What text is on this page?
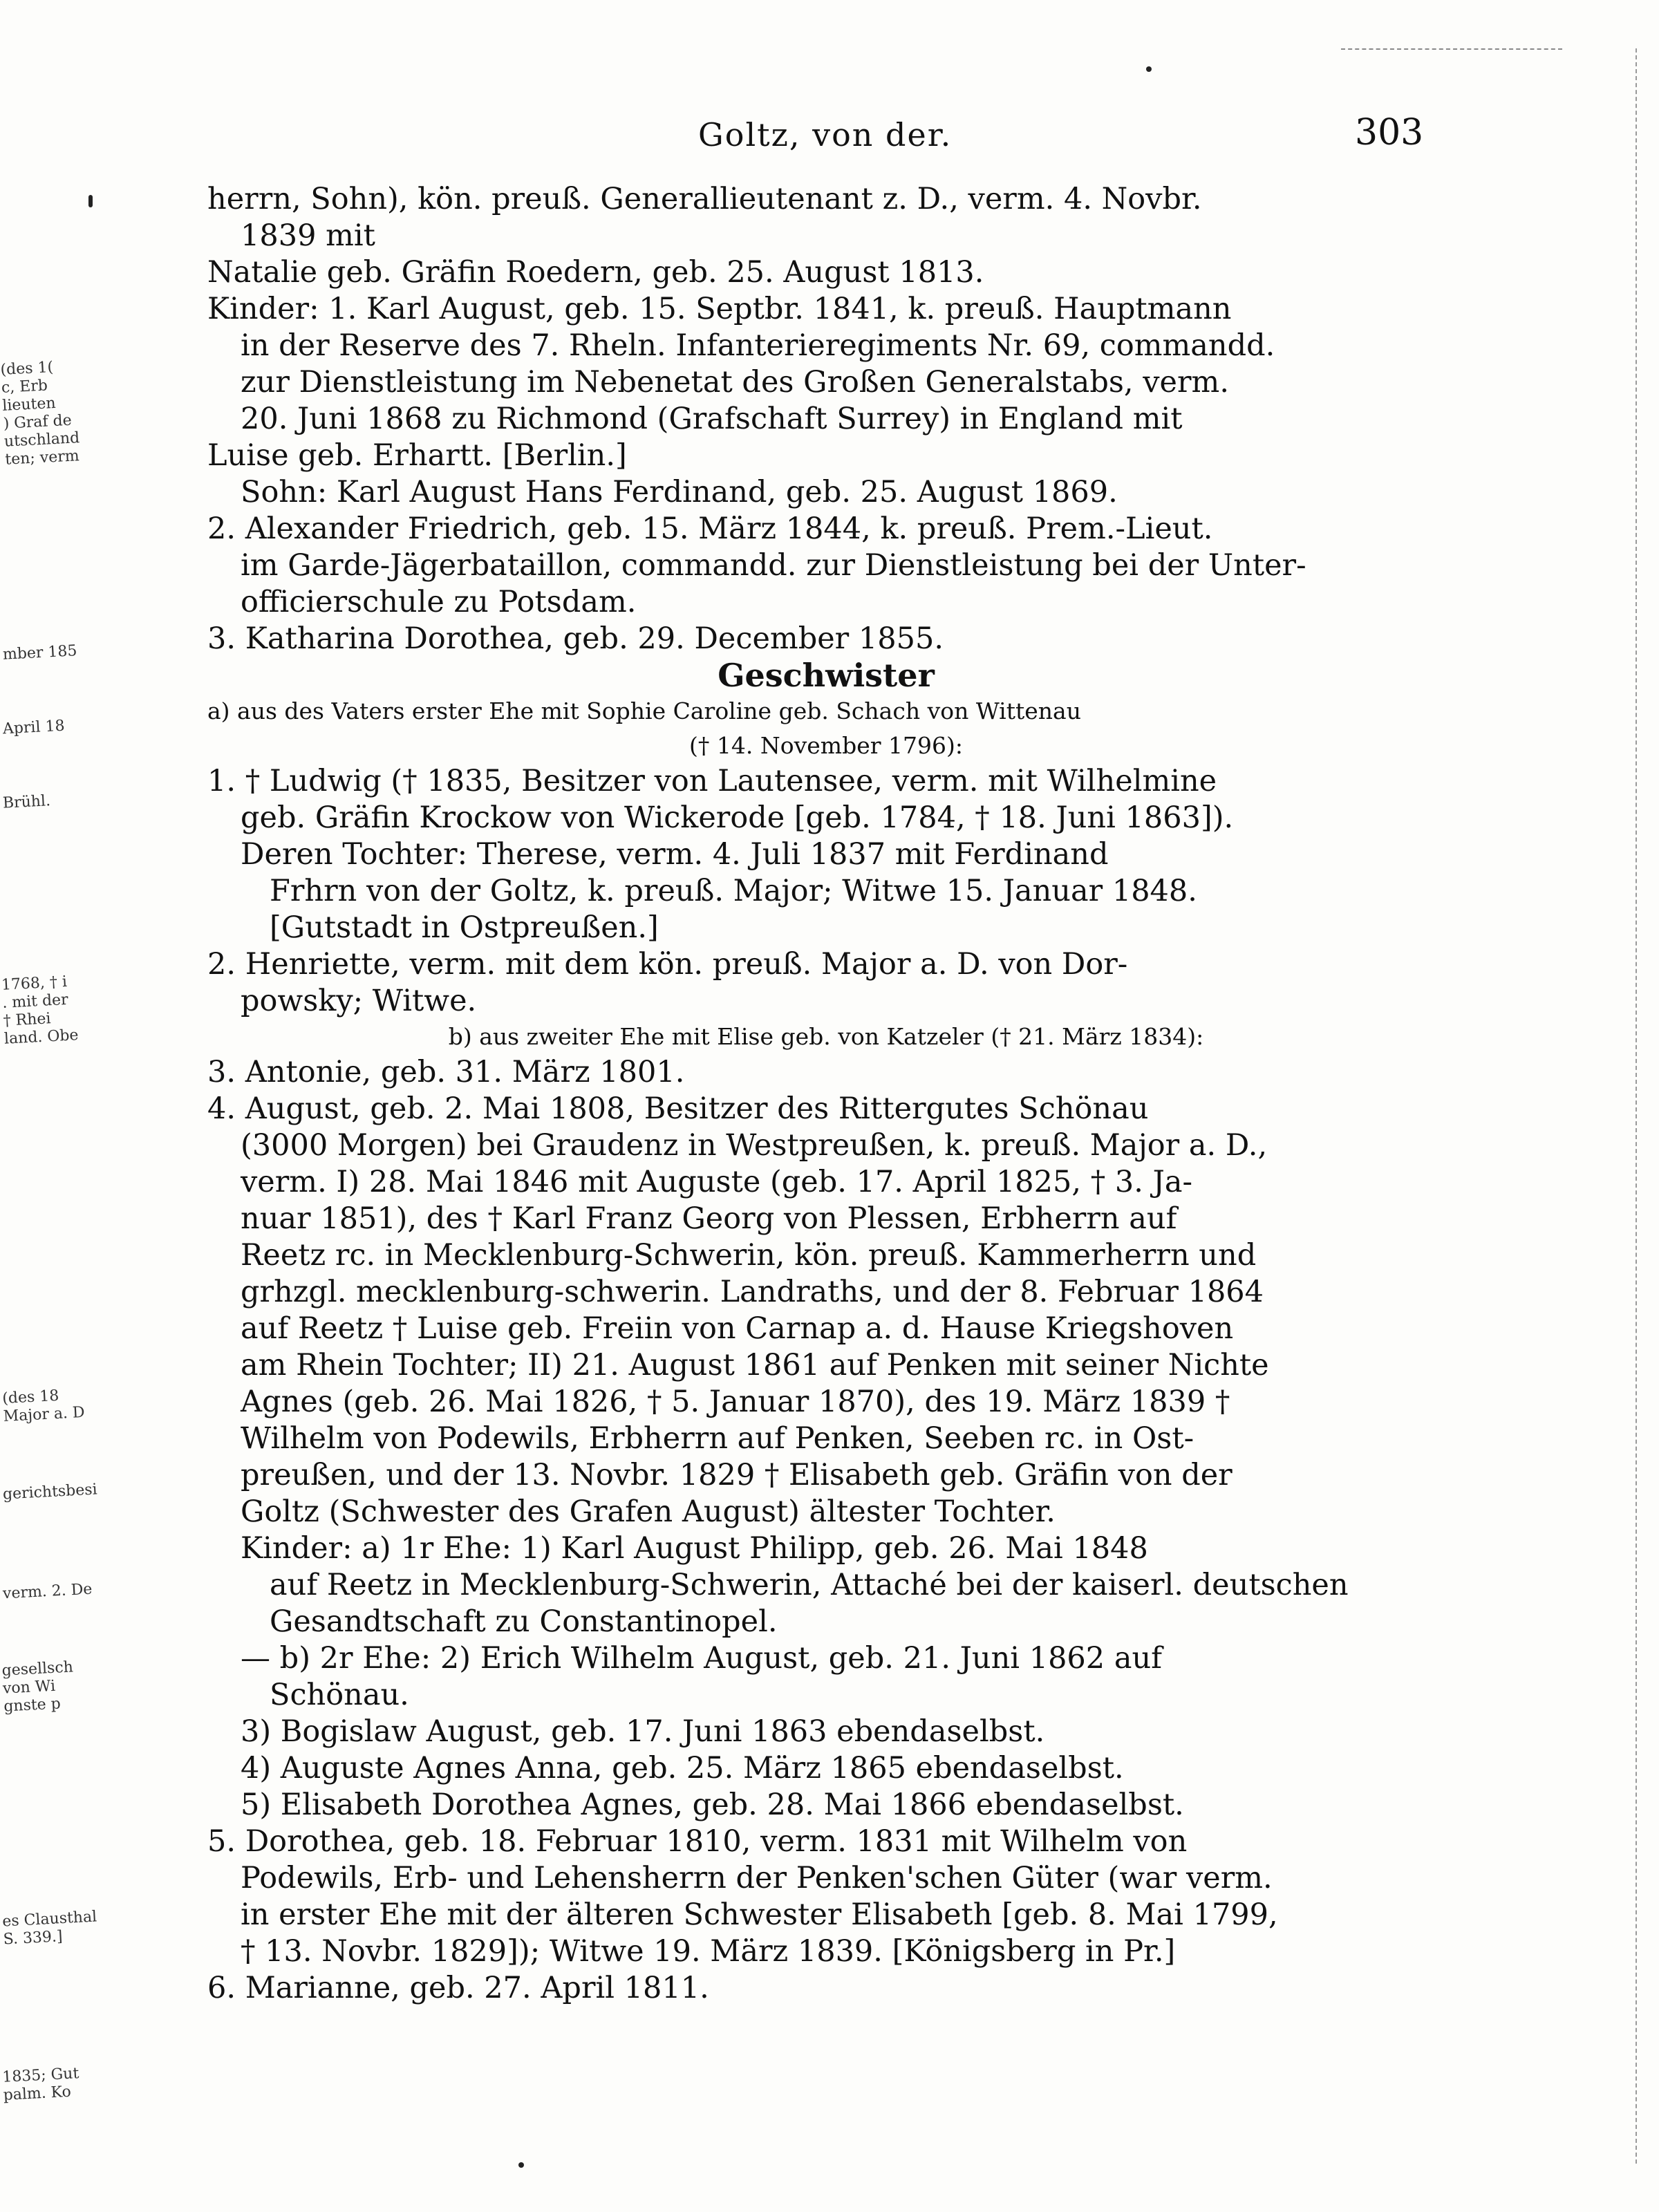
(des 1(
c, Erb
lieuten
) Graf de
utschland
ten; verm
mber 185
April 18
Brühl.
1768, † i
. mit der
† Rhei
land. Obe
(des 18
Major a. D
gerichtsbesi
verm. 2. De
gesellsch
von Wi
gnste p
es Clausthal
S. 339.]
1835; Gut
palm. Ko
Goltz, von der.	303
herrn, Sohn), kön. preuß. Generallieutenant z. D., verm. 4. Novbr.
1839 mit
Natalie geb. Gräfin Roedern, geb. 25. August 1813.
Kinder: 1. Karl August, geb. 15. Septbr. 1841, k. preuß. Hauptmann
in der Reserve des 7. Rheln. Infanterieregiments Nr. 69, commandd.
zur Dienstleistung im Nebenetat des Großen Generalstabs, verm.
20. Juni 1868 zu Richmond (Grafschaft Surrey) in England mit
Luise geb. Erhartt. [Berlin.]
Sohn: Karl August Hans Ferdinand, geb. 25. August 1869.
2. Alexander Friedrich, geb. 15. März 1844, k. preuß. Prem.-Lieut.
im Garde-Jägerbataillon, commandd. zur Dienstleistung bei der Unter-
officierschule zu Potsdam.
3. Katharina Dorothea, geb. 29. December 1855.
Geschwister
a) aus des Vaters erster Ehe mit Sophie Caroline geb. Schach von Wittenau
(† 14. November 1796):
1. † Ludwig († 1835, Besitzer von Lautensee, verm. mit Wilhelmine
geb. Gräfin Krockow von Wickerode [geb. 1784, † 18. Juni 1863]).
Deren Tochter: Therese, verm. 4. Juli 1837 mit Ferdinand
Frhrn von der Goltz, k. preuß. Major; Witwe 15. Januar 1848.
[Gutstadt in Ostpreußen.]
2. Henriette, verm. mit dem kön. preuß. Major a. D. von Dor-
powsky; Witwe.
b) aus zweiter Ehe mit Elise geb. von Katzeler († 21. März 1834):
3. Antonie, geb. 31. März 1801.
4. August, geb. 2. Mai 1808, Besitzer des Rittergutes Schönau
(3000 Morgen) bei Graudenz in Westpreußen, k. preuß. Major a. D.,
verm. I) 28. Mai 1846 mit Auguste (geb. 17. April 1825, † 3. Ja-
nuar 1851), des † Karl Franz Georg von Plessen, Erbherrn auf
Reetz rc. in Mecklenburg-Schwerin, kön. preuß. Kammerherrn und
grhzgl. mecklenburg-schwerin. Landraths, und der 8. Februar 1864
auf Reetz † Luise geb. Freiin von Carnap a. d. Hause Kriegshoven
am Rhein Tochter; II) 21. August 1861 auf Penken mit seiner Nichte
Agnes (geb. 26. Mai 1826, † 5. Januar 1870), des 19. März 1839 †
Wilhelm von Podewils, Erbherrn auf Penken, Seeben rc. in Ost-
preußen, und der 13. Novbr. 1829 † Elisabeth geb. Gräfin von der
Goltz (Schwester des Grafen August) ältester Tochter.
Kinder: a) 1r Ehe: 1) Karl August Philipp, geb. 26. Mai 1848
auf Reetz in Mecklenburg-Schwerin, Attaché bei der kaiserl. deutschen
Gesandtschaft zu Constantinopel.
— b) 2r Ehe: 2) Erich Wilhelm August, geb. 21. Juni 1862 auf
Schönau.
3) Bogislaw August, geb. 17. Juni 1863 ebendaselbst.
4) Auguste Agnes Anna, geb. 25. März 1865 ebendaselbst.
5) Elisabeth Dorothea Agnes, geb. 28. Mai 1866 ebendaselbst.
5. Dorothea, geb. 18. Februar 1810, verm. 1831 mit Wilhelm von
Podewils, Erb- und Lehensherrn der Penken'schen Güter (war verm.
in erster Ehe mit der älteren Schwester Elisabeth [geb. 8. Mai 1799,
† 13. Novbr. 1829]); Witwe 19. März 1839. [Königsberg in Pr.]
6. Marianne, geb. 27. April 1811.
